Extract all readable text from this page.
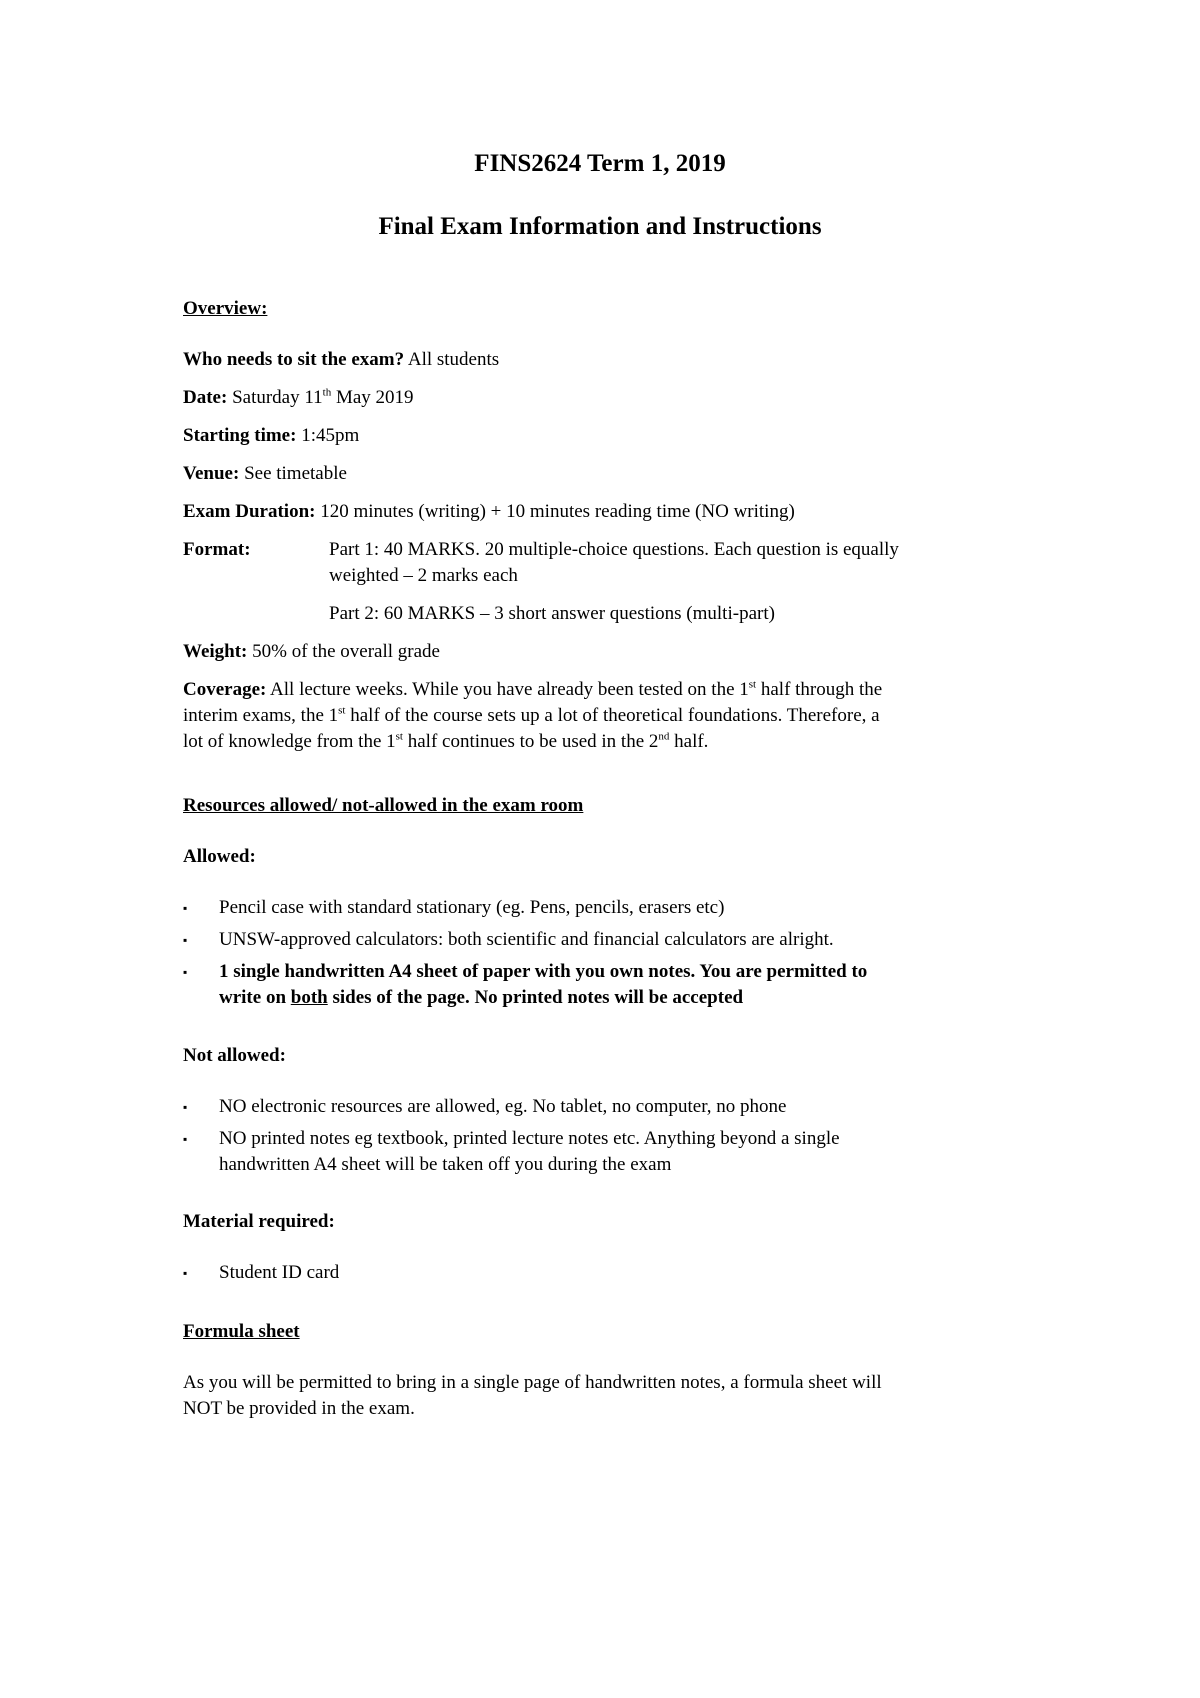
FINS2624 Term 1, 2019
Final Exam Information and Instructions
Overview:
Who needs to sit the exam? All students
Date: Saturday 11th May 2019
Starting time: 1:45pm
Venue: See timetable
Exam Duration: 120 minutes (writing) + 10 minutes reading time (NO writing)
Format:	Part 1: 40 MARKS. 20 multiple-choice questions. Each question is equally
weighted – 2 marks each
Part 2: 60 MARKS – 3 short answer questions (multi-part)
Weight: 50% of the overall grade
Coverage: All lecture weeks. While you have already been tested on the 1st half through the
interim exams, the 1st half of the course sets up a lot of theoretical foundations. Therefore, a
lot of knowledge from the 1st half continues to be used in the 2nd half.
Resources allowed/ not-allowed in the exam room
Allowed:
▪ Pencil case with standard stationary (eg. Pens, pencils, erasers etc)
▪ UNSW-approved calculators: both scientific and financial calculators are alright.
▪ 1 single handwritten A4 sheet of paper with you own notes. You are permitted to
write on both sides of the page. No printed notes will be accepted
Not allowed:
▪ NO electronic resources are allowed, eg. No tablet, no computer, no phone
▪ NO printed notes eg textbook, printed lecture notes etc. Anything beyond a single
handwritten A4 sheet will be taken off you during the exam
Material required:
▪ Student ID card
Formula sheet
As you will be permitted to bring in a single page of handwritten notes, a formula sheet will
NOT be provided in the exam.
